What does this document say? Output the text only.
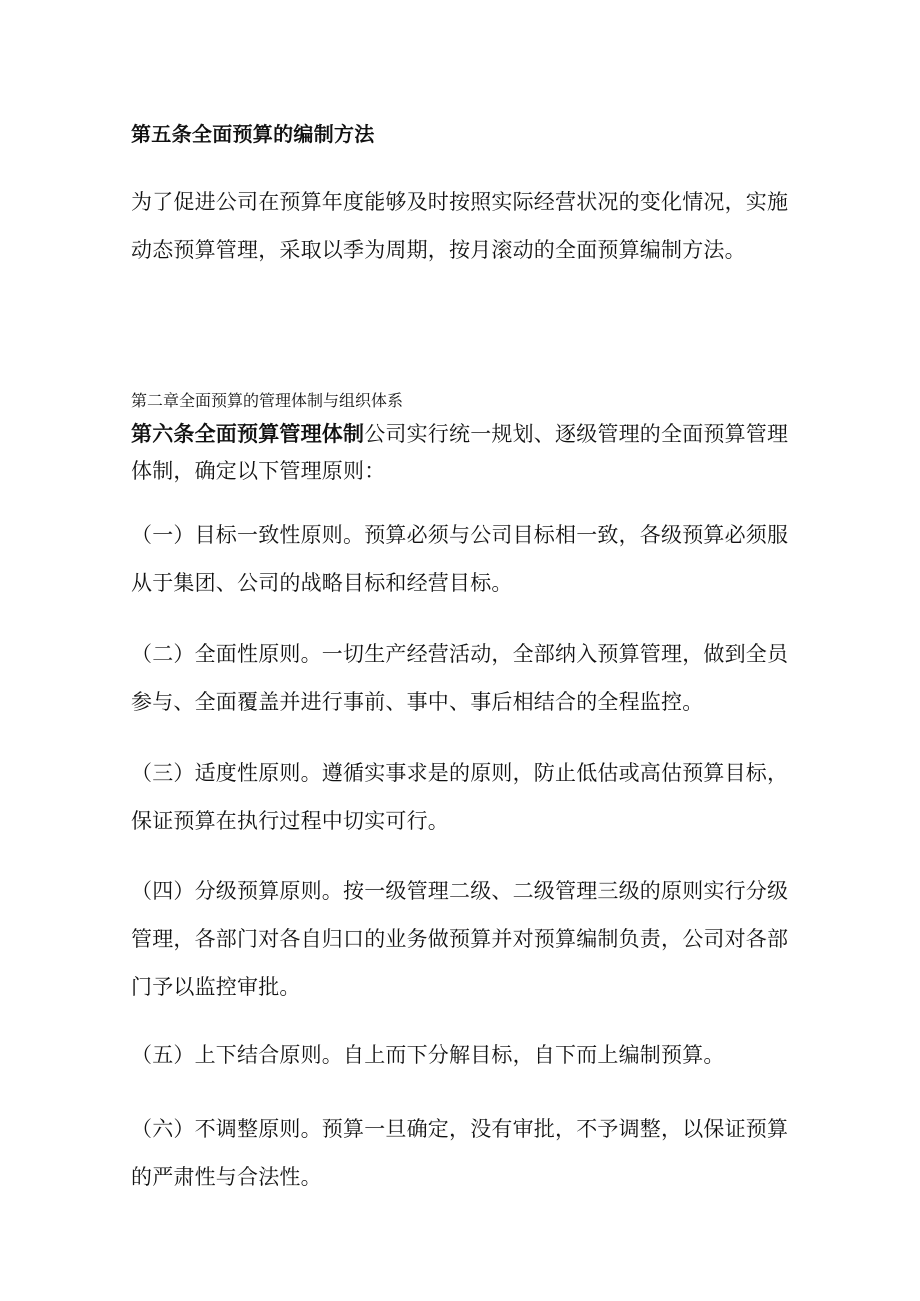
第五条全面预算的编制方法

为了促进公司在预算年度能够及时按照实际经营状况的变化情况，实施动态预算管理，采取以季为周期，按月滚动的全面预算编制方法。

第二章全面预算的管理体制与组织体系

第六条全面预算管理体制公司实行统一规划、逐级管理的全面预算管理体制，确定以下管理原则：

（一）目标一致性原则。预算必须与公司目标相一致，各级预算必须服从于集团、公司的战略目标和经营目标。

（二）全面性原则。一切生产经营活动，全部纳入预算管理，做到全员参与、全面覆盖并进行事前、事中、事后相结合的全程监控。

（三）适度性原则。遵循实事求是的原则，防止低估或高估预算目标，保证预算在执行过程中切实可行。

（四）分级预算原则。按一级管理二级、二级管理三级的原则实行分级管理，各部门对各自归口的业务做预算并对预算编制负责，公司对各部门予以监控审批。

（五）上下结合原则。自上而下分解目标，自下而上编制预算。

（六）不调整原则。预算一旦确定，没有审批，不予调整，以保证预算的严肃性与合法性。
